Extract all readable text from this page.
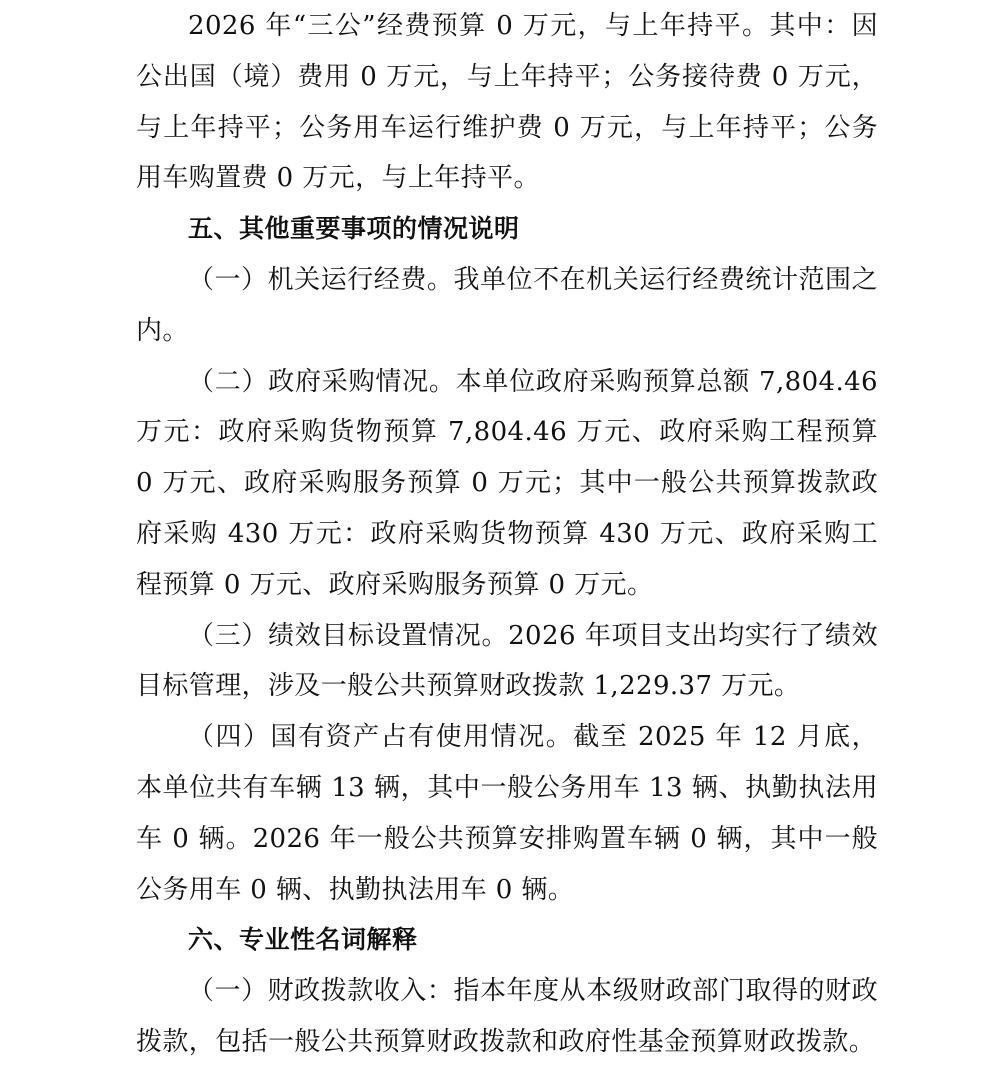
2026 年“三公”经费预算 0 万元，与上年持平。其中：因公出国（境）费用 0 万元，与上年持平；公务接待费 0 万元，与上年持平；公务用车运行维护费 0 万元，与上年持平；公务用车购置费 0 万元，与上年持平。

五、其他重要事项的情况说明

（一）机关运行经费。我单位不在机关运行经费统计范围之内。

（二）政府采购情况。本单位政府采购预算总额 7,804.46 万元：政府采购货物预算 7,804.46 万元、政府采购工程预算 0 万元、政府采购服务预算 0 万元；其中一般公共预算拨款政府采购 430 万元：政府采购货物预算 430 万元、政府采购工程预算 0 万元、政府采购服务预算 0 万元。

（三）绩效目标设置情况。2026 年项目支出均实行了绩效目标管理，涉及一般公共预算财政拨款 1,229.37 万元。

（四）国有资产占有使用情况。截至 2025 年 12 月底，本单位共有车辆 13 辆，其中一般公务用车 13 辆、执勤执法用车 0 辆。2026 年一般公共预算安排购置车辆 0 辆，其中一般公务用车 0 辆、执勤执法用车 0 辆。

六、专业性名词解释

（一）财政拨款收入：指本年度从本级财政部门取得的财政拨款，包括一般公共预算财政拨款和政府性基金预算财政拨款。
